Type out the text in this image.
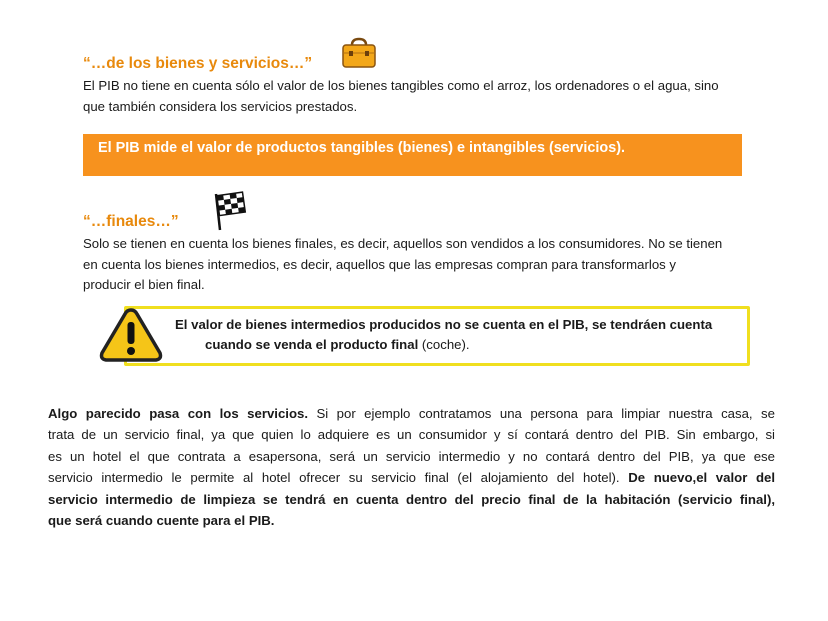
“…de los bienes y servicios…”
El PIB no tiene en cuenta sólo el valor de los bienes tangibles como el arroz, los ordenadores o el agua, sino
que también considera los servicios prestados.
El PIB mide el valor de productos tangibles (bienes) e intangibles (servicios).
“…finales…”
Solo se tienen en cuenta los bienes finales, es decir, aquellos son vendidos a los consumidores. No se tienen
en cuenta los bienes intermedios, es decir, aquellos que las empresas compran para transformarlos y
producir el bien final.
El valor de bienes intermedios producidos no se cuenta en el PIB, se tendráen cuenta
cuando se venda el producto final (coche).
Algo parecido pasa con los servicios. Si por ejemplo contratamos una persona para limpiar nuestra casa, se
trata de un servicio final, ya que quien lo adquiere es un consumidor y sí contará dentro del PIB. Sin embargo, si
es un hotel el que contrata a esapersona, será un servicio intermedio y no contará dentro del PIB, ya que ese
servicio intermedio le permite al hotel ofrecer su servicio final (el alojamiento del hotel). De nuevo,el valor del
servicio intermedio de limpieza se tendrá en cuenta dentro del precio final de la habitación (servicio final),
que será cuando cuente para el PIB.
